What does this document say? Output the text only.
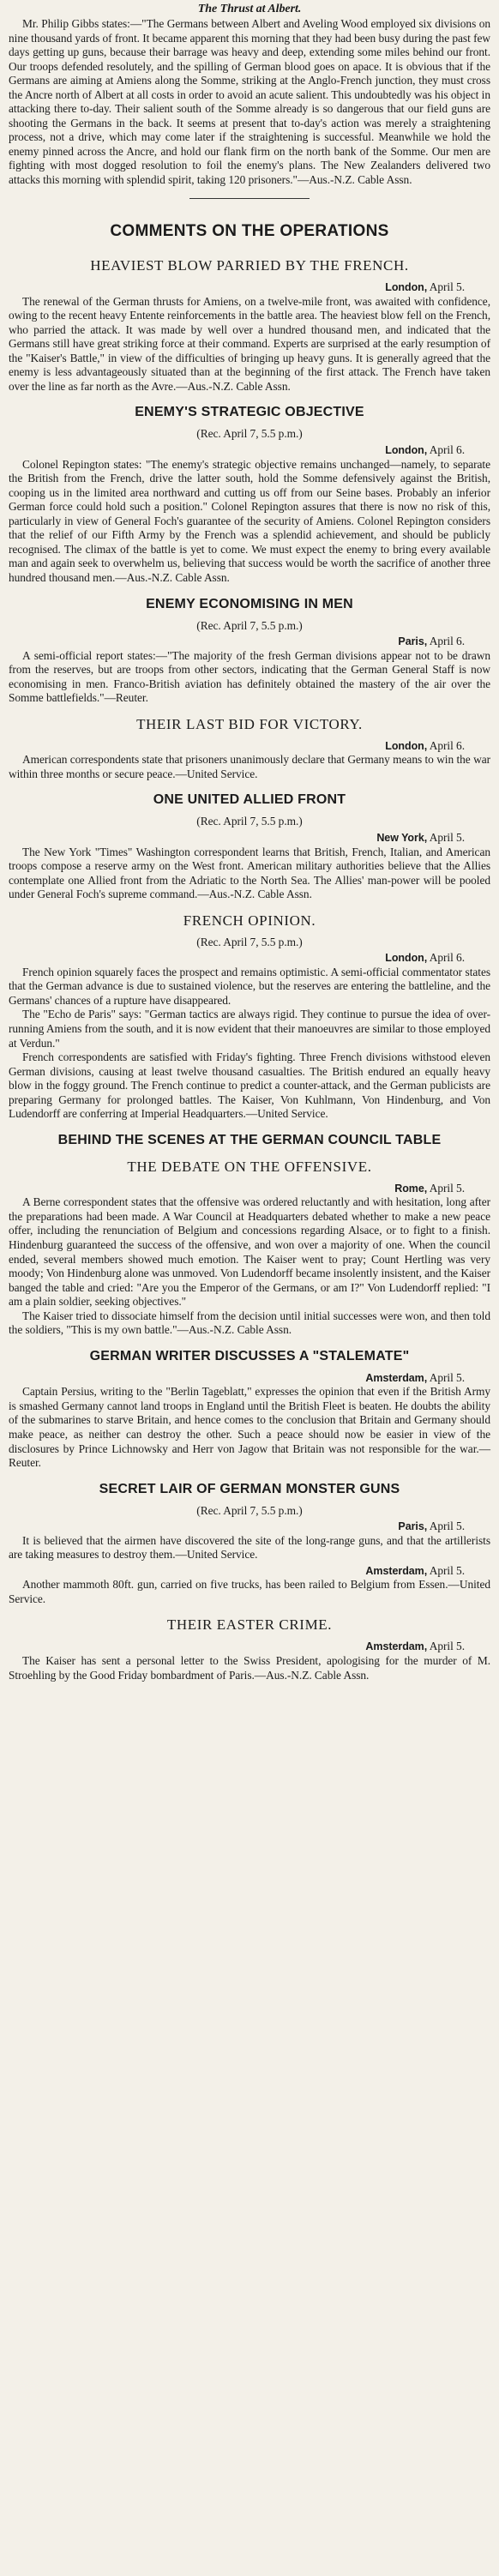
The Thrust at Albert.

Mr. Philip Gibbs states:—"The Germans between Albert and Aveling Wood employed six divisions on nine thousand yards of front. It became apparent this morning that they had been busy during the past few days getting up guns, because their barrage was heavy and deep, extending some miles behind our front. Our troops defended resolutely, and the spilling of German blood goes on apace. It is obvious that if the Germans are aiming at Amiens along the Somme, striking at the Anglo-French junction, they must cross the Ancre north of Albert at all costs in order to avoid an acute salient. This undoubtedly was his object in attacking there to-day. Their salient south of the Somme already is so dangerous that our field guns are shooting the Germans in the back. It seems at present that to-day's action was merely a straightening process, not a drive, which may come later if the straightening is successful. Meanwhile we hold the enemy pinned across the Ancre, and hold our flank firm on the north bank of the Somme. Our men are fighting with most dogged resolution to foil the enemy's plans. The New Zealanders delivered two attacks this morning with splendid spirit, taking 120 prisoners."—Aus.-N.Z. Cable Assn.

COMMENTS ON THE OPERATIONS
HEAVIEST BLOW PARRIED BY THE FRENCH.
London, April 5.

The renewal of the German thrusts for Amiens, on a twelve-mile front, was awaited with confidence, owing to the recent heavy Entente reinforcements in the battle area. The heaviest blow fell on the French, who parried the attack. It was made by well over a hundred thousand men, and indicated that the Germans still have great striking force at their command. Experts are surprised at the early resumption of the "Kaiser's Battle," in view of the difficulties of bringing up heavy guns. It is generally agreed that the enemy is less advantageously situated than at the beginning of the first attack. The French have taken over the line as far north as the Avre.—Aus.-N.Z. Cable Assn.

ENEMY'S STRATEGIC OBJECTIVE
(Rec. April 7, 5.5 p.m.)
London, April 6.

Colonel Repington states: "The enemy's strategic objective remains unchanged—namely, to separate the British from the French, drive the latter south, hold the Somme defensively against the British, cooping us in the limited area northward and cutting us off from our Seine bases. Probably an inferior German force could hold such a position." Colonel Repington assures that there is now no risk of this, particularly in view of General Foch's guarantee of the security of Amiens. Colonel Repington considers that the relief of our Fifth Army by the French was a splendid achievement, and should be publicly recognised. The climax of the battle is yet to come. We must expect the enemy to bring every available man and again seek to overwhelm us, believing that success would be worth the sacrifice of another three hundred thousand men.—Aus.-N.Z. Cable Assn.

ENEMY ECONOMISING IN MEN
(Rec. April 7, 5.5 p.m.)
Paris, April 6.

A semi-official report states:—"The majority of the fresh German divisions appear not to be drawn from the reserves, but are troops from other sectors, indicating that the German General Staff is now economising in men. Franco-British aviation has definitely obtained the mastery of the air over the Somme battlefields."—Reuter.

THEIR LAST BID FOR VICTORY.
London, April 6.

American correspondents state that prisoners unanimously declare that Germany means to win the war within three months or secure peace.—United Service.

ONE UNITED ALLIED FRONT
(Rec. April 7, 5.5 p.m.)
New York, April 5.

The New York "Times" Washington correspondent learns that British, French, Italian, and American troops compose a reserve army on the West front. American military authorities believe that the Allies contemplate one Allied front from the Adriatic to the North Sea. The Allies' man-power will be pooled under General Foch's supreme command.—Aus.-N.Z. Cable Assn.

FRENCH OPINION.
(Rec. April 7, 5.5 p.m.)
London, April 6.

French opinion squarely faces the prospect and remains optimistic. A semi-official commentator states that the German advance is due to sustained violence, but the reserves are entering the battleline, and the Germans' chances of a rupture have disappeared.

The "Echo de Paris" says: "German tactics are always rigid. They continue to pursue the idea of over-running Amiens from the south, and it is now evident that their manoeuvres are similar to those employed at Verdun."

French correspondents are satisfied with Friday's fighting. Three French divisions withstood eleven German divisions, causing at least twelve thousand casualties. The British endured an equally heavy blow in the foggy ground. The French continue to predict a counter-attack, and the German publicists are preparing Germany for prolonged battles. The Kaiser, Von Kuhlmann, Von Hindenburg, and Von Ludendorff are conferring at Imperial Headquarters.—United Service.

BEHIND THE SCENES AT THE GERMAN COUNCIL TABLE
THE DEBATE ON THE OFFENSIVE.
Rome, April 5.

A Berne correspondent states that the offensive was ordered reluctantly and with hesitation, long after the preparations had been made. A War Council at Headquarters debated whether to make a new peace offer, including the renunciation of Belgium and concessions regarding Alsace, or to fight to a finish. Hindenburg guaranteed the success of the offensive, and won over a majority of one. When the council ended, several members showed much emotion. The Kaiser went to pray; Count Hertling was very moody; Von Hindenburg alone was unmoved. Von Ludendorff became insolently insistent, and the Kaiser banged the table and cried: "Are you the Emperor of the Germans, or am I?" Von Ludendorff replied: "I am a plain soldier, seeking objectives."

The Kaiser tried to dissociate himself from the decision until initial successes were won, and then told the soldiers, "This is my own battle."—Aus.-N.Z. Cable Assn.

GERMAN WRITER DISCUSSES A "STALEMATE"
Amsterdam, April 5.

Captain Persius, writing to the "Berlin Tageblatt," expresses the opinion that even if the British Army is smashed Germany cannot land troops in England until the British Fleet is beaten. He doubts the ability of the submarines to starve Britain, and hence comes to the conclusion that Britain and Germany should make peace, as neither can destroy the other. Such a peace should now be easier in view of the disclosures by Prince Lichnowsky and Herr von Jagow that Britain was not responsible for the war.—Reuter.

SECRET LAIR OF GERMAN MONSTER GUNS
(Rec. April 7, 5.5 p.m.)
Paris, April 5.

It is believed that the airmen have discovered the site of the long-range guns, and that the artillerists are taking measures to destroy them.—United Service.

Amsterdam, April 5.

Another mammoth 80ft. gun, carried on five trucks, has been railed to Belgium from Essen.—United Service.

THEIR EASTER CRIME.
Amsterdam, April 5.

The Kaiser has sent a personal letter to the Swiss President, apologising for the murder of M. Stroehling by the Good Friday bombardment of Paris.—Aus.-N.Z. Cable Assn.
